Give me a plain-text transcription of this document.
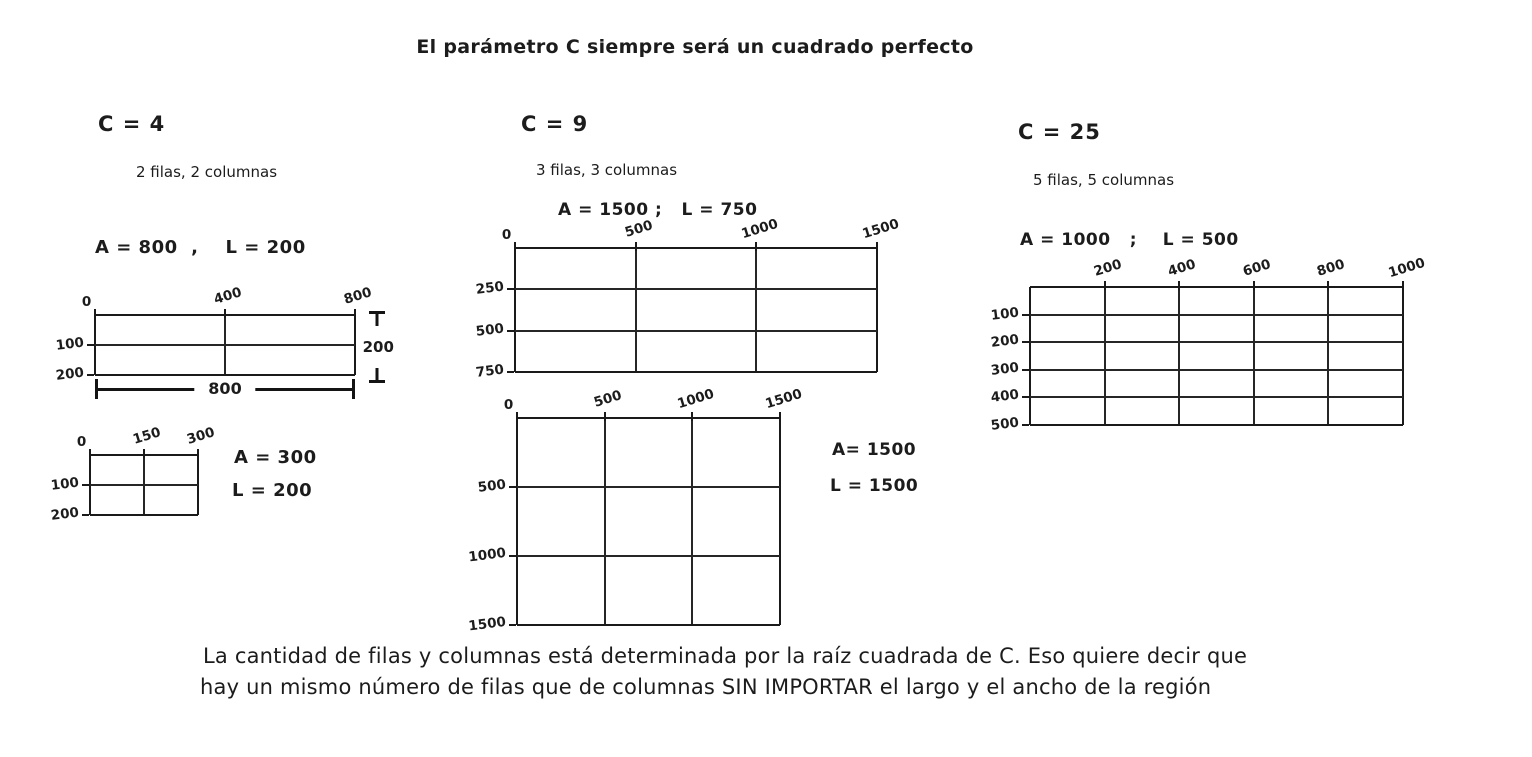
El parámetro C siempre será un cuadrado perfecto
C = 4
2 filas, 2 columnas
A = 800  ,    L = 200
0	400	800
100
200
800
200
0	150 300
100
200
A = 300
L = 200
C = 9
3 filas, 3 columnas
A = 1500 ;   L = 750
0	500	1000	1500
250
500
750
0	500	1000	1500
500
1000
1500
A= 1500
L = 1500
C = 25
5 filas, 5 columnas
A = 1000   ;    L = 500
200	400	600	800	1000
100
200
300
400
500
La cantidad de filas y columnas está determinada por la raíz cuadrada de C. Eso quiere decir que
hay un mismo número de filas que de columnas SIN IMPORTAR el largo y el ancho de la región
